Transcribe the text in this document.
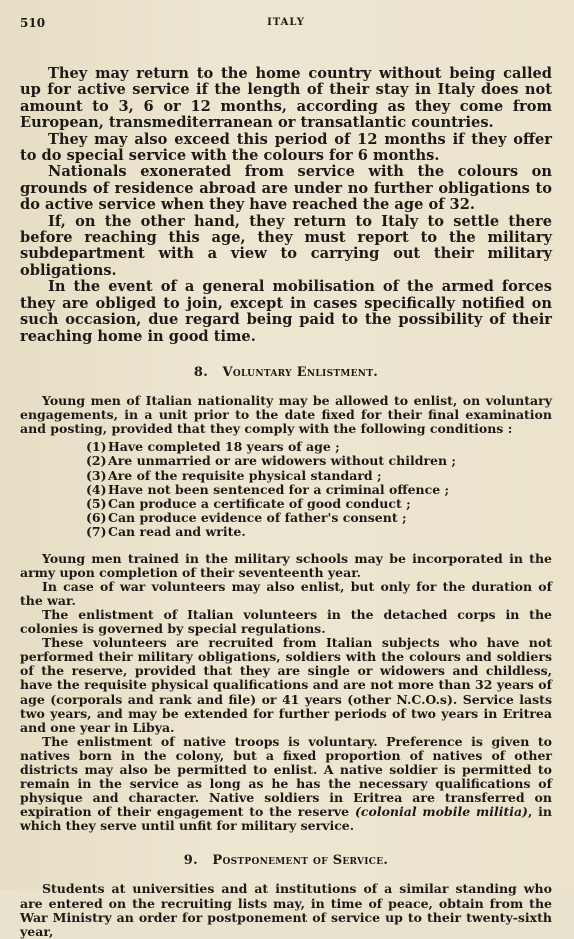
510	ITALY

They may return to the home country without being called up for active service if the length of their stay in Italy does not amount to 3, 6 or 12 months, according as they come from European, transmediterranean or transatlantic countries.

They may also exceed this period of 12 months if they offer to do special service with the colours for 6 months.

Nationals exonerated from service with the colours on grounds of residence abroad are under no further obligations to do active service when they have reached the age of 32.

If, on the other hand, they return to Italy to settle there before reaching this age, they must report to the military subdepartment with a view to carrying out their military obligations.

In the event of a general mobilisation of the armed forces they are obliged to join, except in cases specifically notified on such occasion, due regard being paid to the possibility of their reaching home in good time.

8. Voluntary Enlistment.

Young men of Italian nationality may be allowed to enlist, on voluntary engagements, in a unit prior to the date fixed for their final examination and posting, provided that they comply with the following conditions :

(1) Have completed 18 years of age ;
(2) Are unmarried or are widowers without children ;
(3) Are of the requisite physical standard ;
(4) Have not been sentenced for a criminal offence ;
(5) Can produce a certificate of good conduct ;
(6) Can produce evidence of father's consent ;
(7) Can read and write.

Young men trained in the military schools may be incorporated in the army upon completion of their seventeenth year.

In case of war volunteers may also enlist, but only for the duration of the war.

The enlistment of Italian volunteers in the detached corps in the colonies is governed by special regulations.

These volunteers are recruited from Italian subjects who have not performed their military obligations, soldiers with the colours and soldiers of the reserve, provided that they are single or widowers and childless, have the requisite physical qualifications and are not more than 32 years of age (corporals and rank and file) or 41 years (other N.C.O.s). Service lasts two years, and may be extended for further periods of two years in Eritrea and one year in Libya.

The enlistment of native troops is voluntary. Preference is given to natives born in the colony, but a fixed proportion of natives of other districts may also be permitted to enlist. A native soldier is permitted to remain in the service as long as he has the necessary qualifications of physique and character. Native soldiers in Eritrea are transferred on expiration of their engagement to the reserve (colonial mobile militia), in which they serve until unfit for military service.

9. Postponement of Service.

Students at universities and at institutions of a similar standing who are entered on the recruiting lists may, in time of peace, obtain from the War Ministry an order for postponement of service up to their twenty-sixth year,
